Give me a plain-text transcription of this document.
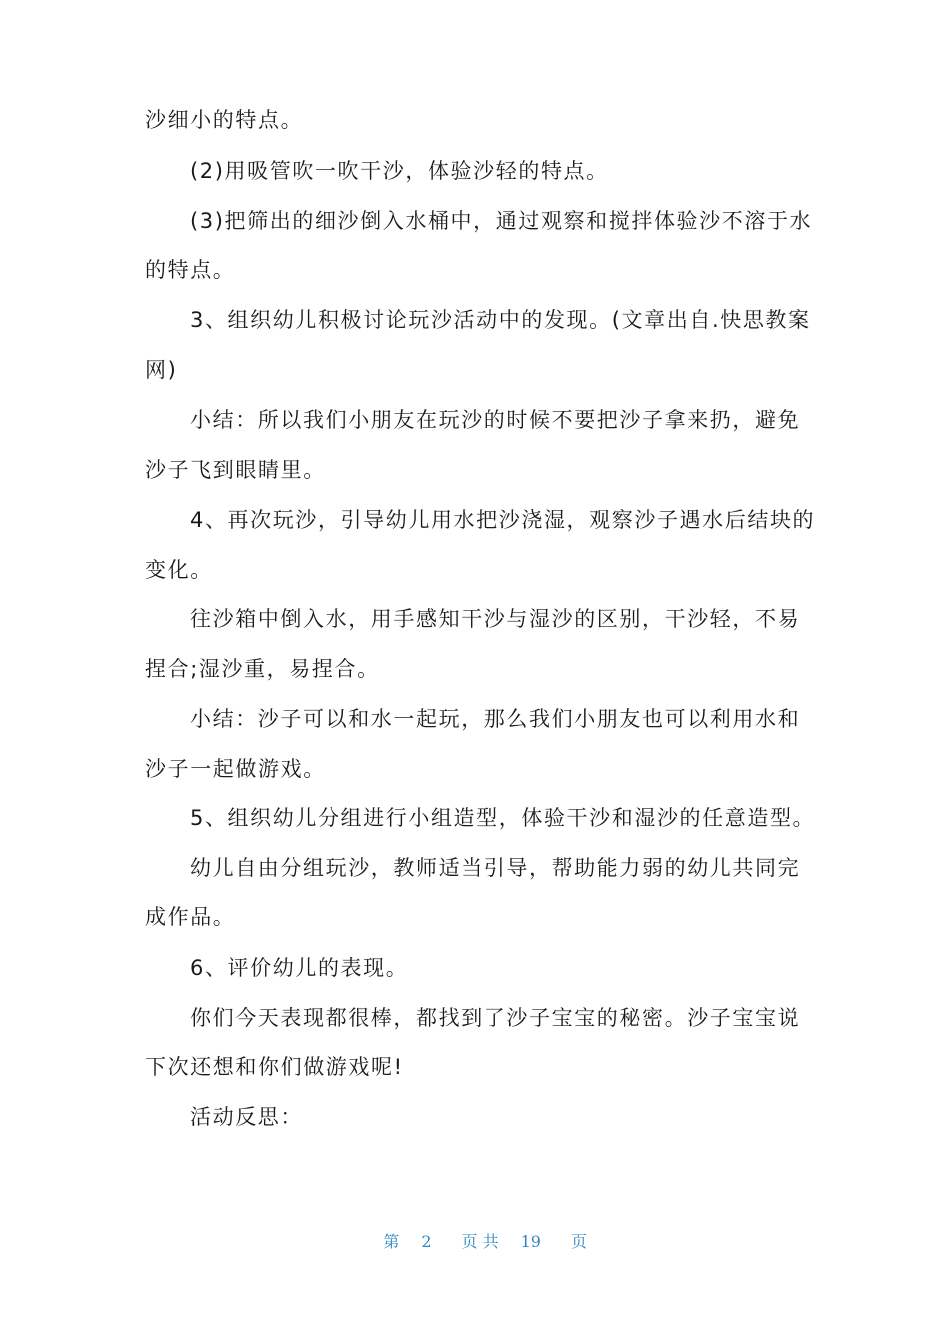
沙细小的特点。
(2)用吸管吹一吹干沙，体验沙轻的特点。
(3)把筛出的细沙倒入水桶中，通过观察和搅拌体验沙不溶于水
的特点。
3、组织幼儿积极讨论玩沙活动中的发现。(文章出自.快思教案
网)
小结：所以我们小朋友在玩沙的时候不要把沙子拿来扔，避免
沙子飞到眼睛里。
4、再次玩沙，引导幼儿用水把沙浇湿，观察沙子遇水后结块的
变化。
往沙箱中倒入水，用手感知干沙与湿沙的区别，干沙轻，不易
捏合;湿沙重，易捏合。
小结：沙子可以和水一起玩，那么我们小朋友也可以利用水和
沙子一起做游戏。
5、组织幼儿分组进行小组造型，体验干沙和湿沙的任意造型。
幼儿自由分组玩沙，教师适当引导，帮助能力弱的幼儿共同完
成作品。
6、评价幼儿的表现。
你们今天表现都很棒，都找到了沙子宝宝的秘密。沙子宝宝说
下次还想和你们做游戏呢!
活动反思：

第 2 页 共 19 页
